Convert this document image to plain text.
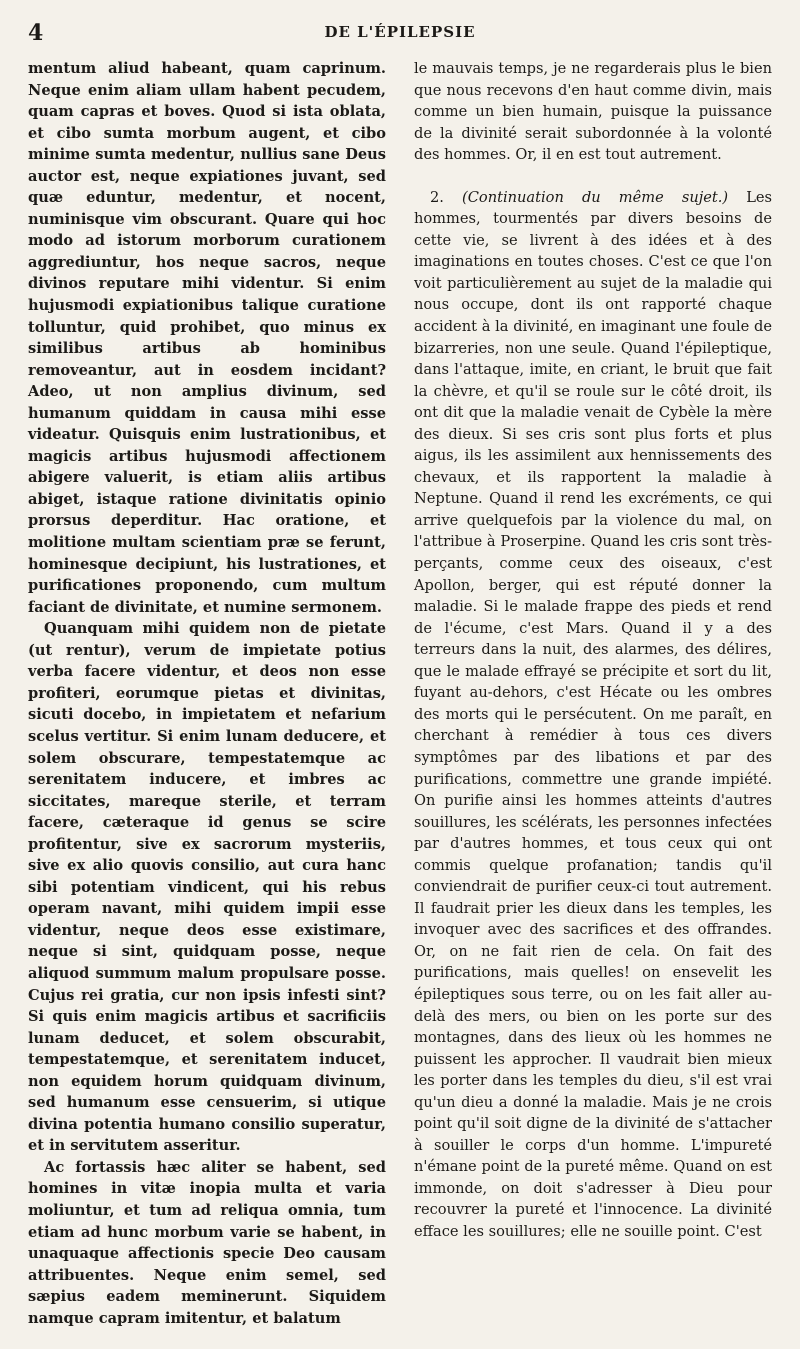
4	DE L'ÉPILEPSIE

mentum aliud habeant, quam caprinum. Neque enim aliam ullam habent pecudem, quam capras et boves. Quod si ista oblata, et cibo sumta morbum augent, et cibo minime sumta medentur, nullius sane Deus auctor est, neque expiationes juvant, sed quæ eduntur, medentur, et nocent, numinisque vim obscurant. Quare qui hoc modo ad istorum morborum curationem aggrediuntur, hos neque sacros, neque divinos reputare mihi videntur. Si enim hujusmodi expiationibus talique curatione tolluntur, quid prohibet, quo minus ex similibus artibus ab hominibus removeantur, aut in eosdem incidant? Adeo, ut non amplius divinum, sed humanum quiddam in causa mihi esse videatur. Quisquis enim lustrationibus, et magicis artibus hujusmodi affectionem abigere valuerit, is etiam aliis artibus abiget, istaque ratione divinitatis opinio prorsus deperditur. Hac oratione, et molitione multam scientiam præ se ferunt, hominesque decipiunt, his lustrationes, et purificationes proponendo, cum multum faciant de divinitate, et numine sermonem.

Quanquam mihi quidem non de pietate (ut rentur), verum de impietate potius verba facere videntur, et deos non esse profiteri, eorumque pietas et divinitas, sicuti docebo, in impietatem et nefarium scelus vertitur. Si enim lunam deducere, et solem obscurare, tempestatemque ac serenitatem inducere, et imbres ac siccitates, mareque sterile, et terram facere, cæteraque id genus se scire profitentur, sive ex sacrorum mysteriis, sive ex alio quovis consilio, aut cura hanc sibi potentiam vindicent, qui his rebus operam navant, mihi quidem impii esse videntur, neque deos esse existimare, neque si sint, quidquam posse, neque aliquod summum malum propulsare posse. Cujus rei gratia, cur non ipsis infesti sint? Si quis enim magicis artibus et sacrificiis lunam deducet, et solem obscurabit, tempestatemque, et serenitatem inducet, non equidem horum quidquam divinum, sed humanum esse censuerim, si utique divina potentia humano consilio superatur, et in servitutem asseritur.

Ac fortassis hæc aliter se habent, sed homines in vitæ inopia multa et varia moliuntur, et tum ad reliqua omnia, tum etiam ad hunc morbum varie se habent, in unaquaque affectionis specie Deo causam attribuentes. Neque enim semel, sed sæpius eadem meminerunt. Siquidem namque capram imitentur, et balatum

le mauvais temps, je ne regarderais plus le bien que nous recevons d'en haut comme divin, mais comme un bien humain, puisque la puissance de la divinité serait subordonnée à la volonté des hommes. Or, il en est tout autrement.

2. (Continuation du même sujet.) Les hommes, tourmentés par divers besoins de cette vie, se livrent à des idées et à des imaginations en toutes choses. C'est ce que l'on voit particulièrement au sujet de la maladie qui nous occupe, dont ils ont rapporté chaque accident à la divinité, en imaginant une foule de bizarreries, non une seule. Quand l'épileptique, dans l'attaque, imite, en criant, le bruit que fait la chèvre, et qu'il se roule sur le côté droit, ils ont dit que la maladie venait de Cybèle la mère des dieux. Si ses cris sont plus forts et plus aigus, ils les assimilent aux hennissements des chevaux, et ils rapportent la maladie à Neptune. Quand il rend les excréments, ce qui arrive quelquefois par la violence du mal, on l'attribue à Proserpine. Quand les cris sont très-perçants, comme ceux des oiseaux, c'est Apollon, berger, qui est réputé donner la maladie. Si le malade frappe des pieds et rend de l'écume, c'est Mars. Quand il y a des terreurs dans la nuit, des alarmes, des délires, que le malade effrayé se précipite et sort du lit, fuyant au-dehors, c'est Hécate ou les ombres des morts qui le persécutent. On me paraît, en cherchant à remédier à tous ces divers symptômes par des libations et par des purifications, commettre une grande impiété. On purifie ainsi les hommes atteints d'autres souillures, les scélérats, les personnes infectées par d'autres hommes, et tous ceux qui ont commis quelque profanation; tandis qu'il conviendrait de purifier ceux-ci tout autrement. Il faudrait prier les dieux dans les temples, les invoquer avec des sacrifices et des offrandes. Or, on ne fait rien de cela. On fait des purifications, mais quelles! on ensevelit les épileptiques sous terre, ou on les fait aller au-delà des mers, ou bien on les porte sur des montagnes, dans des lieux où les hommes ne puissent les approcher. Il vaudrait bien mieux les porter dans les temples du dieu, s'il est vrai qu'un dieu a donné la maladie. Mais je ne crois point qu'il soit digne de la divinité de s'attacher à souiller le corps d'un homme. L'impureté n'émane point de la pureté même. Quand on est immonde, on doit s'adresser à Dieu pour recouvrer la pureté et l'innocence. La divinité efface les souillures; elle ne souille point. C'est
